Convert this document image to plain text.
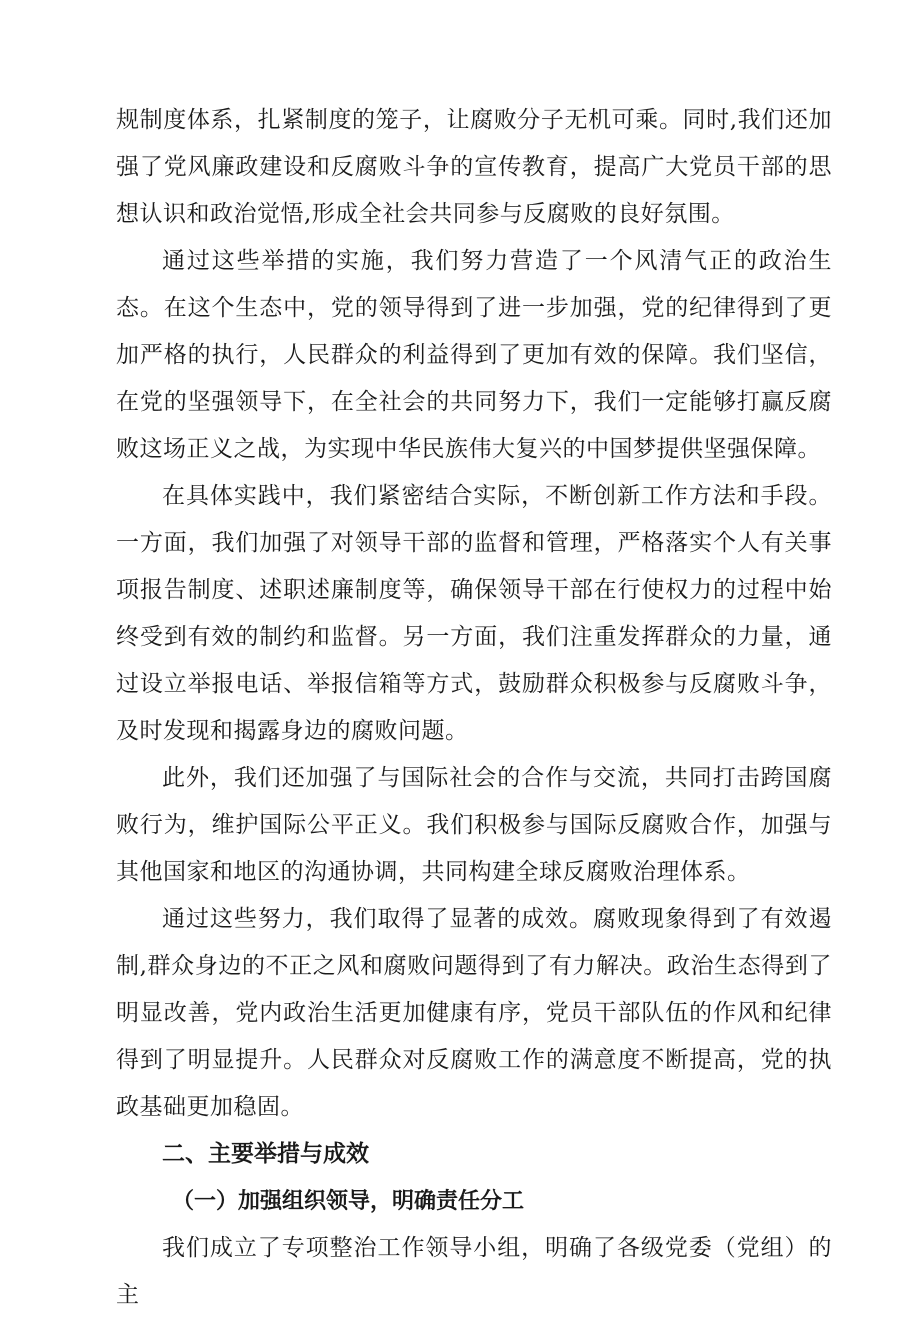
规制度体系，扎紧制度的笼子，让腐败分子无机可乘。同时,我们还加强了党风廉政建设和反腐败斗争的宣传教育，提高广大党员干部的思想认识和政治觉悟,形成全社会共同参与反腐败的良好氛围。

通过这些举措的实施，我们努力营造了一个风清气正的政治生态。在这个生态中，党的领导得到了进一步加强，党的纪律得到了更加严格的执行，人民群众的利益得到了更加有效的保障。我们坚信，在党的坚强领导下，在全社会的共同努力下，我们一定能够打赢反腐败这场正义之战，为实现中华民族伟大复兴的中国梦提供坚强保障。

在具体实践中，我们紧密结合实际，不断创新工作方法和手段。一方面，我们加强了对领导干部的监督和管理，严格落实个人有关事项报告制度、述职述廉制度等，确保领导干部在行使权力的过程中始终受到有效的制约和监督。另一方面，我们注重发挥群众的力量，通过设立举报电话、举报信箱等方式，鼓励群众积极参与反腐败斗争，及时发现和揭露身边的腐败问题。

此外，我们还加强了与国际社会的合作与交流，共同打击跨国腐败行为，维护国际公平正义。我们积极参与国际反腐败合作，加强与其他国家和地区的沟通协调，共同构建全球反腐败治理体系。

通过这些努力，我们取得了显著的成效。腐败现象得到了有效遏制,群众身边的不正之风和腐败问题得到了有力解决。政治生态得到了明显改善，党内政治生活更加健康有序，党员干部队伍的作风和纪律得到了明显提升。人民群众对反腐败工作的满意度不断提高，党的执政基础更加稳固。

二、主要举措与成效
（一）加强组织领导，明确责任分工

我们成立了专项整治工作领导小组，明确了各级党委（党组）的主
